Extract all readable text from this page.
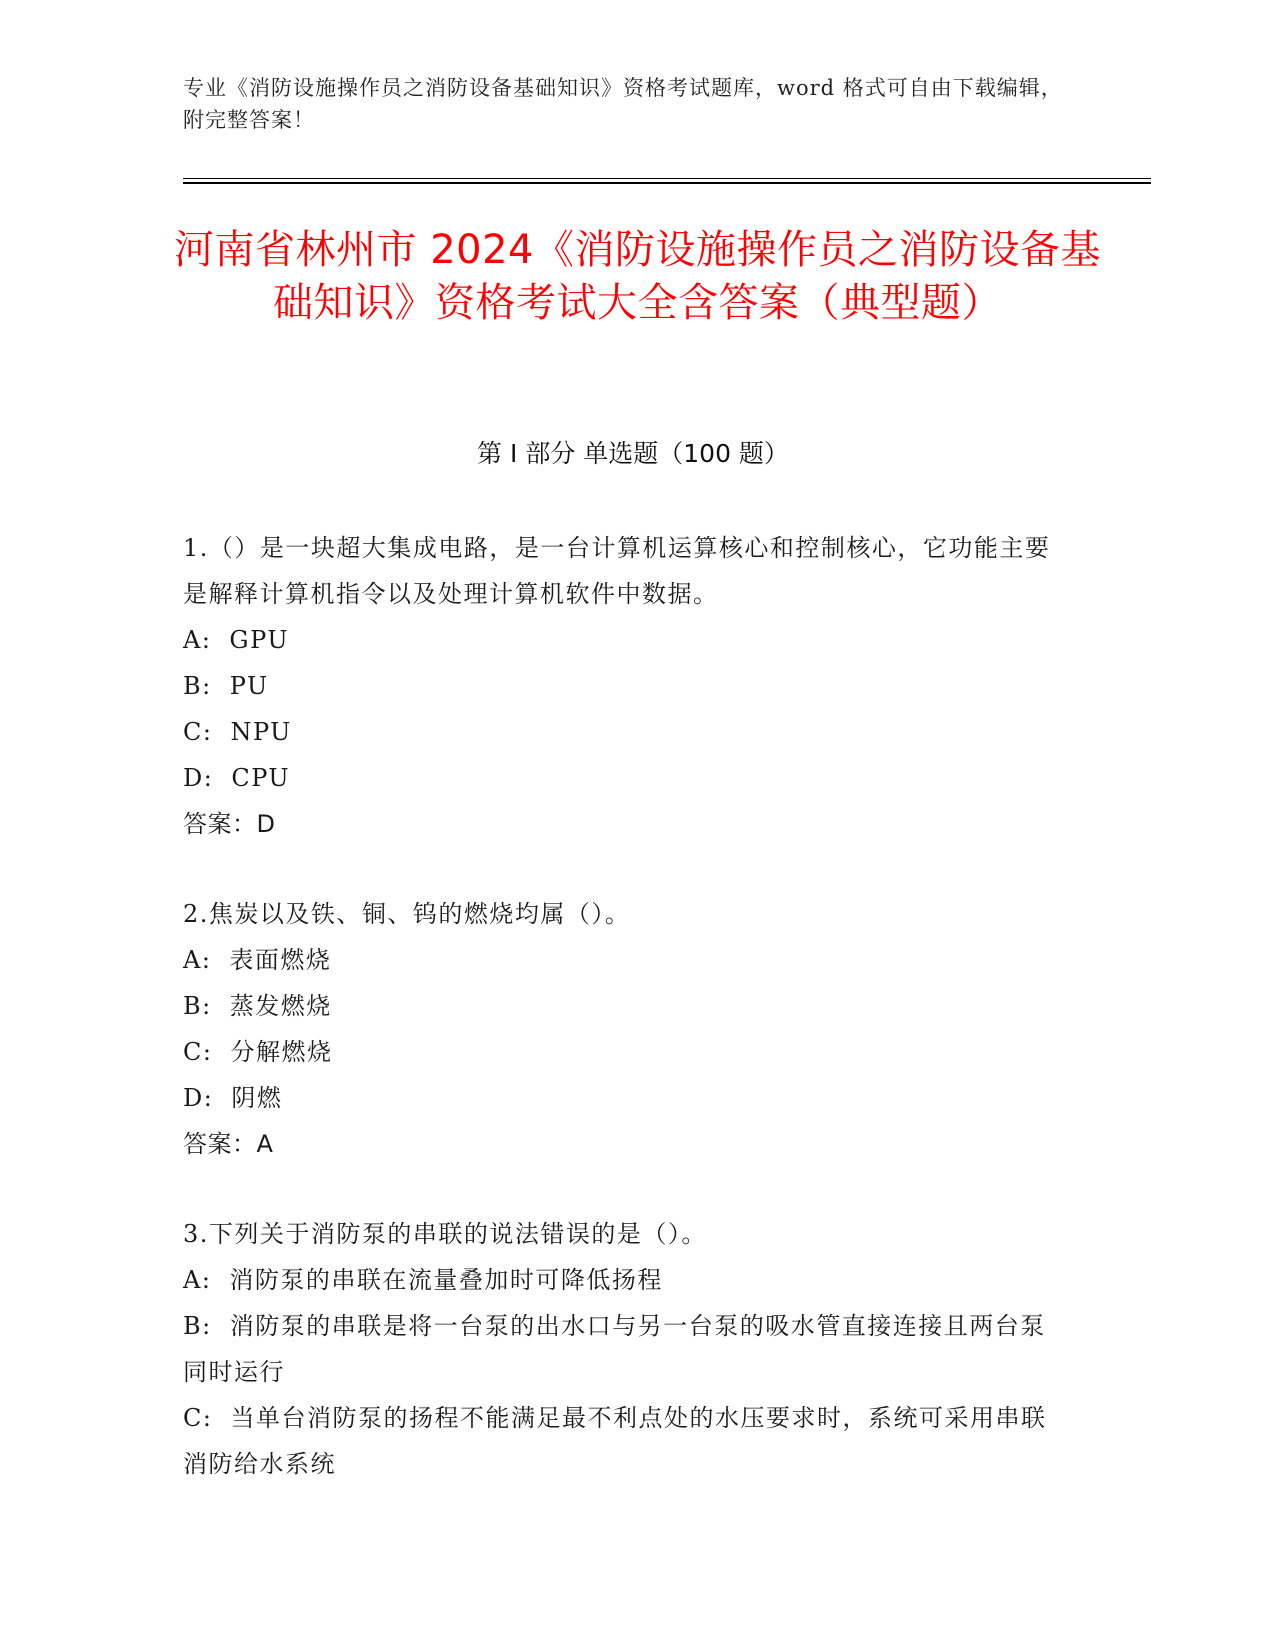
专业《消防设施操作员之消防设备基础知识》资格考试题库，word 格式可自由下载编辑，附完整答案！
河南省林州市 2024《消防设施操作员之消防设备基础知识》资格考试大全含答案（典型题）
第 I 部分 单选题（100 题）

1.（）是一块超大集成电路，是一台计算机运算核心和控制核心，它功能主要是解释计算机指令以及处理计算机软件中数据。

A: GPU

B: PU

C: NPU

D: CPU

答案：D

2.焦炭以及铁、铜、钨的燃烧均属（）。

A: 表面燃烧

B: 蒸发燃烧

C: 分解燃烧

D: 阴燃

答案：A

3.下列关于消防泵的串联的说法错误的是（）。

A: 消防泵的串联在流量叠加时可降低扬程

B: 消防泵的串联是将一台泵的出水口与另一台泵的吸水管直接连接且两台泵同时运行

C: 当单台消防泵的扬程不能满足最不利点处的水压要求时，系统可采用串联消防给水系统
